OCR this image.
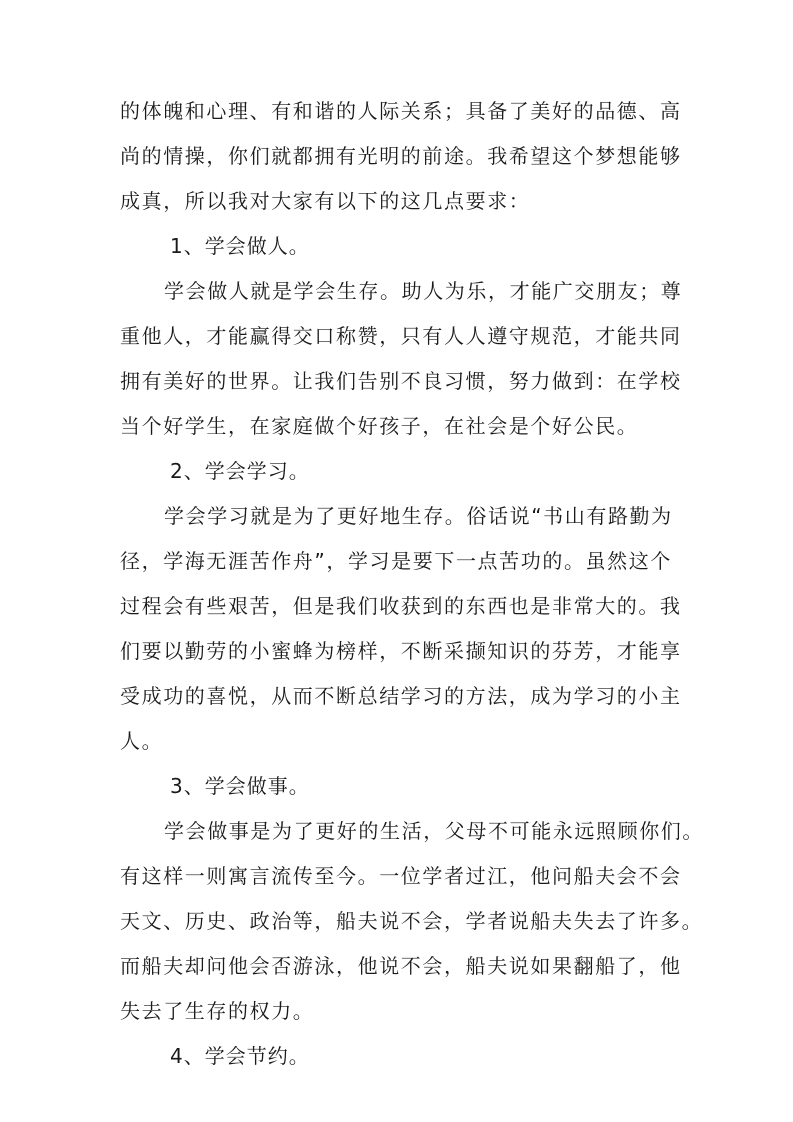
的体魄和心理、有和谐的人际关系；具备了美好的品德、高
尚的情操，你们就都拥有光明的前途。我希望这个梦想能够
成真，所以我对大家有以下的这几点要求：
1、学会做人。
学会做人就是学会生存。助人为乐，才能广交朋友；尊
重他人，才能赢得交口称赞，只有人人遵守规范，才能共同
拥有美好的世界。让我们告别不良习惯，努力做到：在学校
当个好学生，在家庭做个好孩子，在社会是个好公民。
2、学会学习。
学会学习就是为了更好地生存。俗话说“书山有路勤为
径，学海无涯苦作舟”，学习是要下一点苦功的。虽然这个
过程会有些艰苦，但是我们收获到的东西也是非常大的。我
们要以勤劳的小蜜蜂为榜样，不断采撷知识的芬芳，才能享
受成功的喜悦，从而不断总结学习的方法，成为学习的小主
人。
3、学会做事。
学会做事是为了更好的生活，父母不可能永远照顾你们。
有这样一则寓言流传至今。一位学者过江，他问船夫会不会
天文、历史、政治等，船夫说不会，学者说船夫失去了许多。
而船夫却问他会否游泳，他说不会，船夫说如果翻船了，他
失去了生存的权力。
4、学会节约。
